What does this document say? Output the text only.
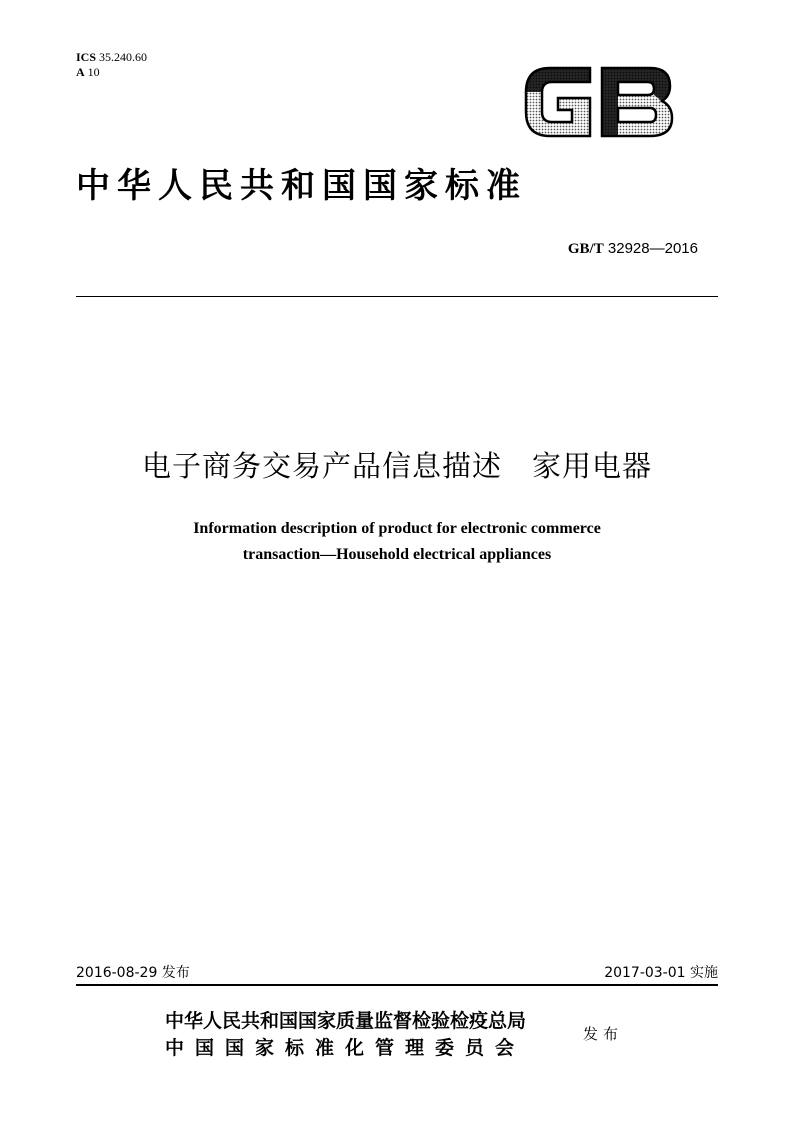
ICS 35.240.60
A 10
GB
中华人民共和国国家标准
GB/T 32928—2016
电子商务交易产品信息描述　家用电器
Information description of product for electronic commerce
transaction—Household electrical appliances
2016-08-29 发布	2017-03-01 实施
中华人民共和国国家质量监督检验检疫总局
中国国家标准化管理委员会
发布
